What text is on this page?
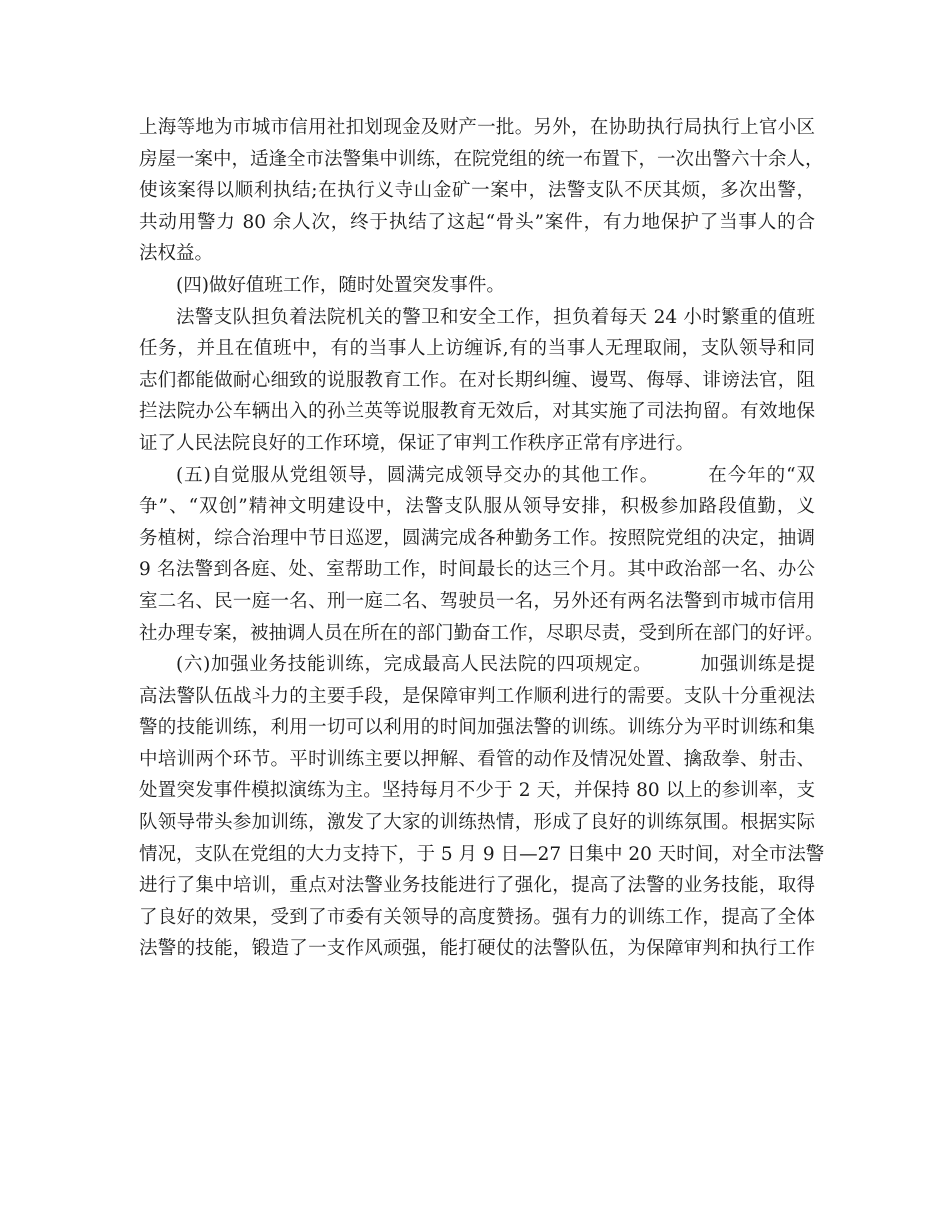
上海等地为市城市信用社扣划现金及财产一批。另外，在协助执行局执行上官小区
房屋一案中，适逢全市法警集中训练，在院党组的统一布置下，一次出警六十余人，
使该案得以顺利执结;在执行义寺山金矿一案中，法警支队不厌其烦，多次出警，
共动用警力 80 余人次，终于执结了这起“骨头”案件，有力地保护了当事人的合
法权益。
(四)做好值班工作，随时处置突发事件。
法警支队担负着法院机关的警卫和安全工作，担负着每天 24 小时繁重的值班
任务，并且在值班中，有的当事人上访缠诉,有的当事人无理取闹，支队领导和同
志们都能做耐心细致的说服教育工作。在对长期纠缠、谩骂、侮辱、诽谤法官，阻
拦法院办公车辆出入的孙兰英等说服教育无效后，对其实施了司法拘留。有效地保
证了人民法院良好的工作环境，保证了审判工作秩序正常有序进行。
(五)自觉服从党组领导，圆满完成领导交办的其他工作。　　　在今年的“双
争”、“双创”精神文明建设中，法警支队服从领导安排，积极参加路段值勤，义
务植树，综合治理中节日巡逻，圆满完成各种勤务工作。按照院党组的决定，抽调
9 名法警到各庭、处、室帮助工作，时间最长的达三个月。其中政治部一名、办公
室二名、民一庭一名、刑一庭二名、驾驶员一名，另外还有两名法警到市城市信用
社办理专案，被抽调人员在所在的部门勤奋工作，尽职尽责，受到所在部门的好评。
(六)加强业务技能训练，完成最高人民法院的四项规定。　　　加强训练是提
高法警队伍战斗力的主要手段，是保障审判工作顺利进行的需要。支队十分重视法
警的技能训练，利用一切可以利用的时间加强法警的训练。训练分为平时训练和集
中培训两个环节。平时训练主要以押解、看管的动作及情况处置、擒敌拳、射击、
处置突发事件模拟演练为主。坚持每月不少于 2 天，并保持 80 以上的参训率，支
队领导带头参加训练，激发了大家的训练热情，形成了良好的训练氛围。根据实际
情况，支队在党组的大力支持下，于 5 月 9 日—27 日集中 20 天时间，对全市法警
进行了集中培训，重点对法警业务技能进行了强化，提高了法警的业务技能，取得
了良好的效果，受到了市委有关领导的高度赞扬。强有力的训练工作，提高了全体
法警的技能，锻造了一支作风顽强，能打硬仗的法警队伍，为保障审判和执行工作
